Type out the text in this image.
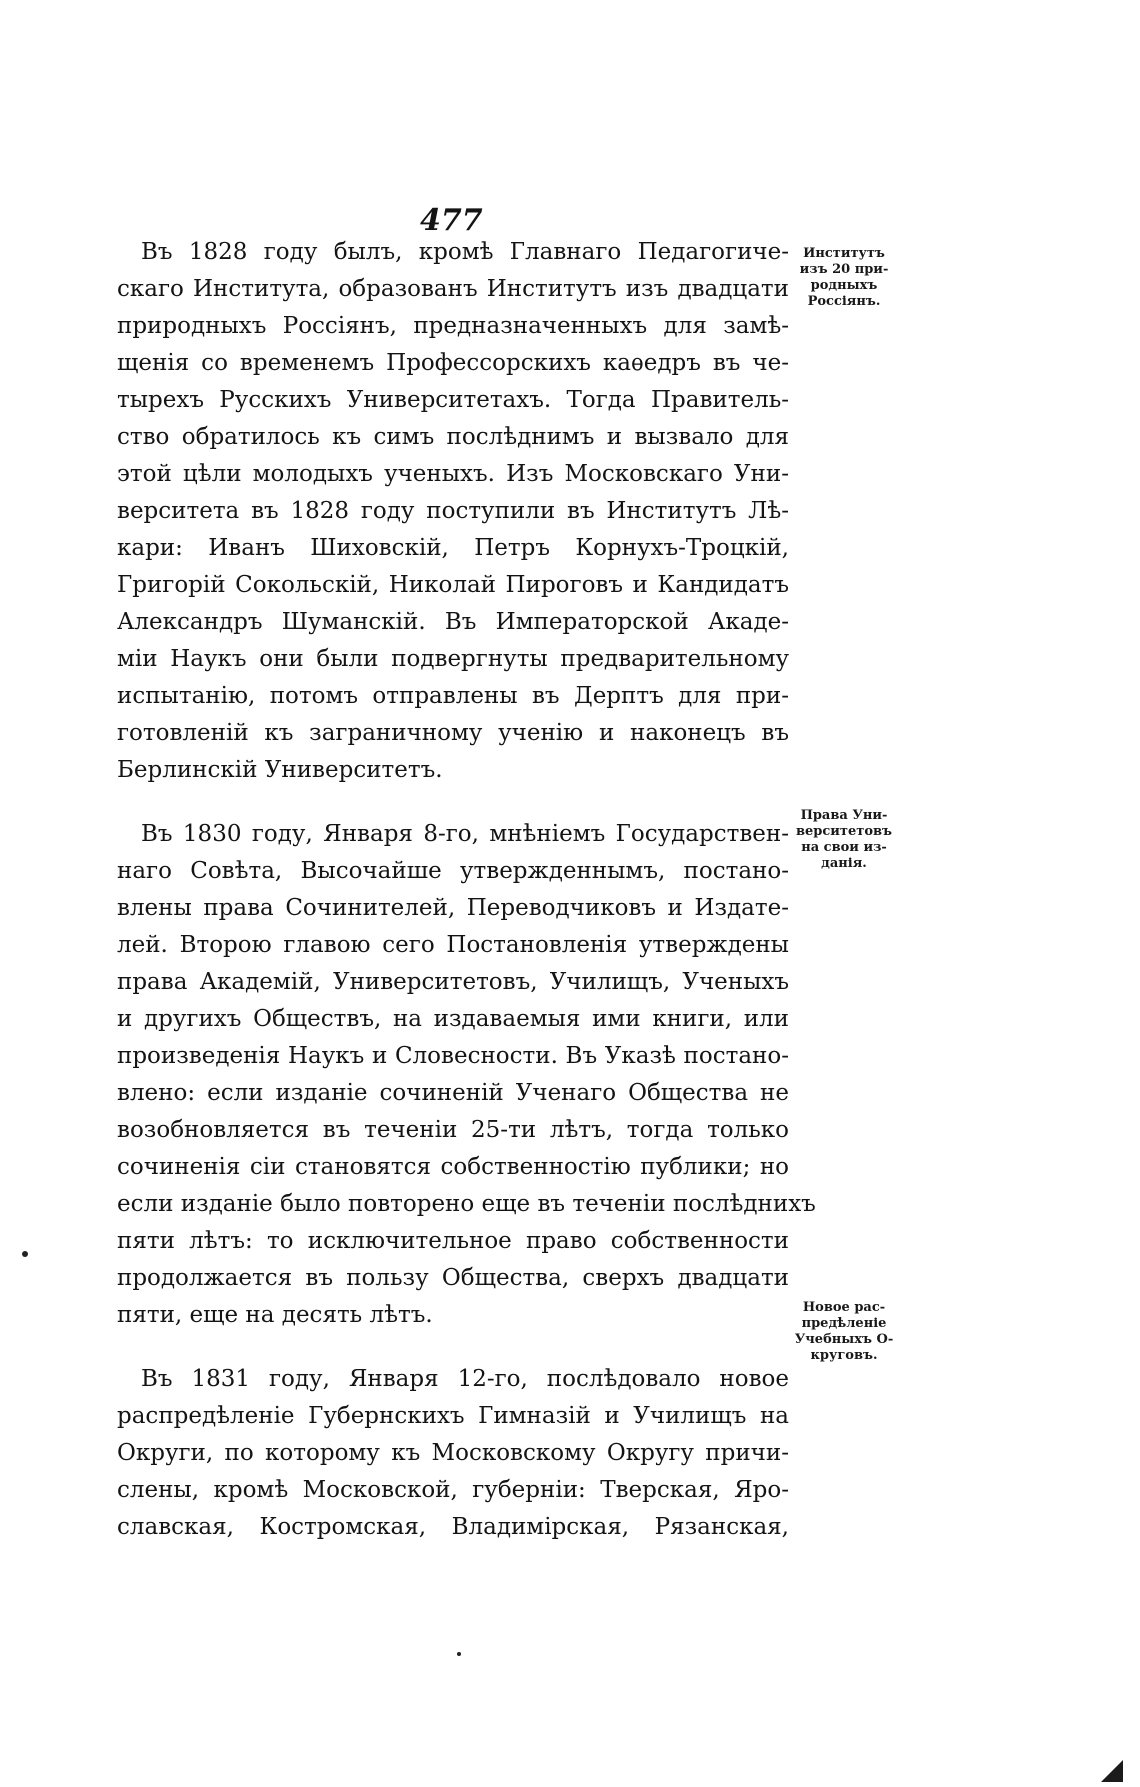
477
Въ 1828 году былъ, кромѣ Главнаго Педагогиче-
скаго Института, образованъ Институтъ изъ двадцати
природныхъ Россіянъ, предназначенныхъ для замѣ-
щенія со временемъ Профессорскихъ каѳедръ въ че-
тырехъ Русскихъ Университетахъ. Тогда Правитель-
ство обратилось къ симъ послѣднимъ и вызвало для
этой цѣли молодыхъ ученыхъ. Изъ Московскаго Уни-
верситета въ 1828 году поступили въ Институтъ Лѣ-
кари: Иванъ Шиховскій, Петръ Корнухъ-Троцкій,
Григорій Сокольскій, Николай Пироговъ и Кандидатъ
Александръ Шуманскій. Въ Императорской Акаде-
міи Наукъ они были подвергнуты предварительному
испытанію, потомъ отправлены въ Дерптъ для при-
готовленій къ заграничному ученію и наконецъ въ
Берлинскій Университетъ.
Въ 1830 году, Января 8-го, мнѣніемъ Государствен-
наго Совѣта, Высочайше утвержденнымъ, постано-
влены права Сочинителей, Переводчиковъ и Издате-
лей. Второю главою сего Постановленія утверждены
права Академій, Университетовъ, Училищъ, Ученыхъ
и другихъ Обществъ, на издаваемыя ими книги, или
произведенія Наукъ и Словесности. Въ Указѣ постано-
влено: если изданіе сочиненій Ученаго Общества не
возобновляется въ теченіи 25-ти лѣтъ, тогда только
сочиненія сіи становятся собственностію публики; но
если изданіе было повторено еще въ теченіи послѣднихъ
пяти лѣтъ: то исключительное право собственности
продолжается въ пользу Общества, сверхъ двадцати
пяти, еще на десять лѣтъ.
Въ 1831 году, Января 12-го, послѣдовало новое
распредѣленіе Губернскихъ Гимназій и Училищъ на
Округи, по которому къ Московскому Округу причи-
слены, кромѣ Московской, губерніи: Тверская, Яро-
славская, Костромская, Владимірская, Рязанская,
Институтъ
изъ 20 при-
родныхъ
Россіянъ.
Права Уни-
верситетовъ
на свои из-
данія.
Новое рас-
предѣленіе
Учебныхъ О-
круговъ.
